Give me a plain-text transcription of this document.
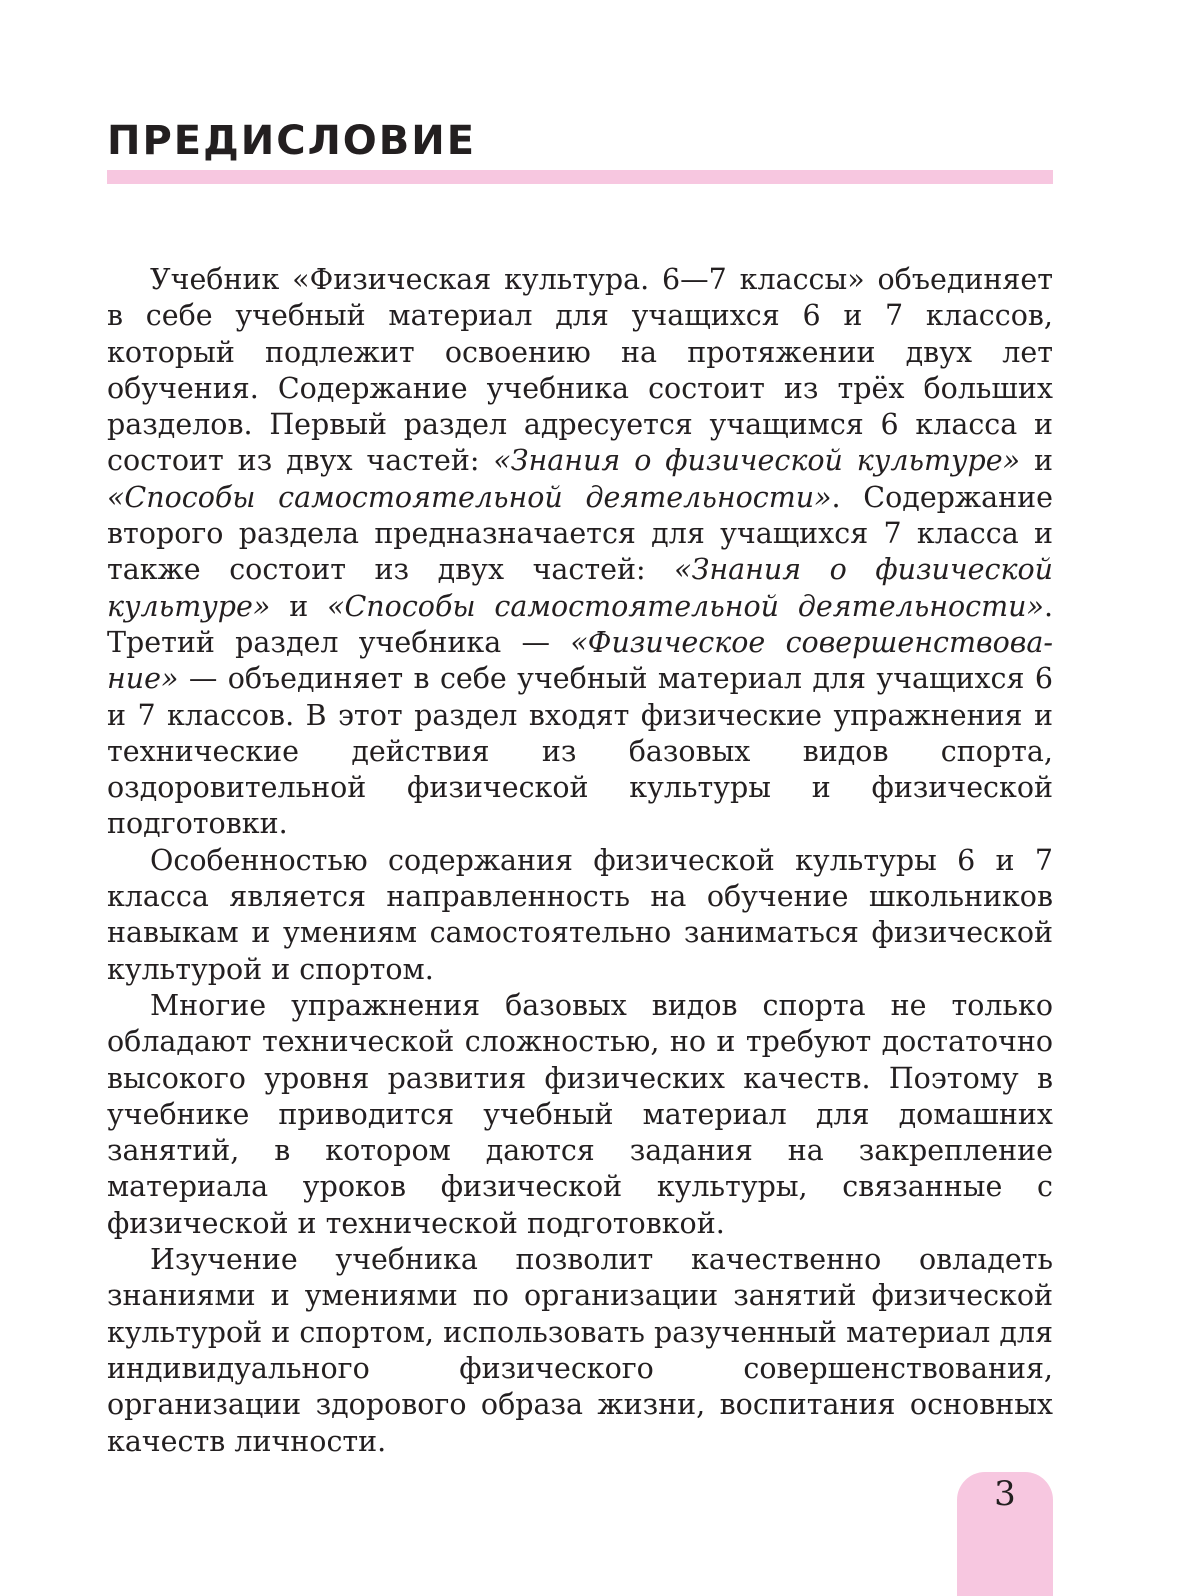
ПРЕДИСЛОВИЕ

Учебник «Физическая культура. 6—7 классы» объединяет в себе учебный материал для учащихся 6 и 7 классов, который подлежит освоению на протяжении двух лет обучения. Содержание учебника состоит из трёх больших разделов. Первый раздел адресуется учащимся 6 класса и состоит из двух частей: «Знания о физической культуре» и «Способы самостоятельной деятельности». Содержание второго раздела предназначается для учащихся 7 класса и также состоит из двух частей: «Знания о физической культуре» и «Способы самостоятельной деятельности». Третий раздел учебника — «Физическое совершенствование» — объединяет в себе учебный материал для учащихся 6 и 7 классов. В этот раздел входят физические упражнения и технические действия из базовых видов спорта, оздоровительной физической культуры и физической подготовки.

Особенностью содержания физической культуры 6 и 7 класса является направленность на обучение школьников навыкам и умениям самостоятельно заниматься физической культурой и спортом.

Многие упражнения базовых видов спорта не только обладают технической сложностью, но и требуют достаточно высокого уровня развития физических качеств. Поэтому в учебнике приводится учебный материал для домашних занятий, в котором даются задания на закрепление материала уроков физической культуры, связанные с физической и технической подготовкой.

Изучение учебника позволит качественно овладеть знаниями и умениями по организации занятий физической культурой и спортом, использовать разученный материал для индивидуального физического совершенствования, организации здорового образа жизни, воспитания основных качеств личности.

3
